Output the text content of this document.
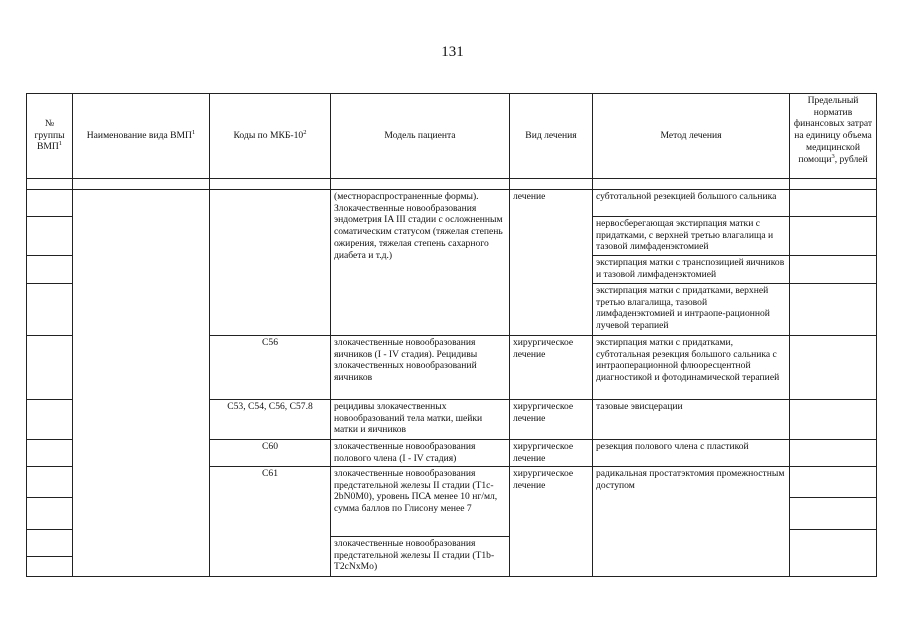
131
№ группы ВМП$^1$	Наименование вида ВМП$^1$	Коды по МКБ-$10^2$	Модель пациента	Вид лечения	Метод лечения	Предельный норматив финансовых затрат на единицу объема медицинской помощи$^3$, рублей

			(местнораспространенные формы). Злокачественные новообразования эндометрия IA III стадии с осложненным соматическим статусом (тяжелая степень ожирения, тяжелая степень сахарного диабета и т.д.)	лечение	субтотальной резекцией большого сальника	
					нервосберегающая экстирпация матки с придатками, с верхней третью влагалища и тазовой лимфаденэктомией	
					экстирпация матки с транспозицией яичников и тазовой лимфаденэктомией	
					экстирпация матки с придатками, верхней третью влагалища, тазовой лимфаденэктомией и интраопе-рационной лучевой терапией	
		C56	злокачественные новообразования яичников (I - IV стадия). Рецидивы злокачественных новообразований яичников	хирургическое лечение	экстирпация матки с придатками, субтотальная резекция большого сальника с интраоперационной флюоресцентной диагностикой и фотодинамической терапией	
		C53, C54, C56, C57.8	рецидивы злокачественных новообразований тела матки, шейки матки и яичников	хирургическое лечение	тазовые эвисцерации	
		C60	злокачественные новообразования полового члена (I - IV стадия)	хирургическое лечение	резекция полового члена с пластикой	
		C61	злокачественные новообразования предстательной железы II стадии (T1c-2bN0M0), уровень ПСА менее 10 нг/мл, сумма баллов по Глисону менее 7	хирургическое лечение	радикальная простатэктомия промежностным доступом	

			злокачественные новообразования предстательной железы II стадии (T1b-T2cNxMo)			
